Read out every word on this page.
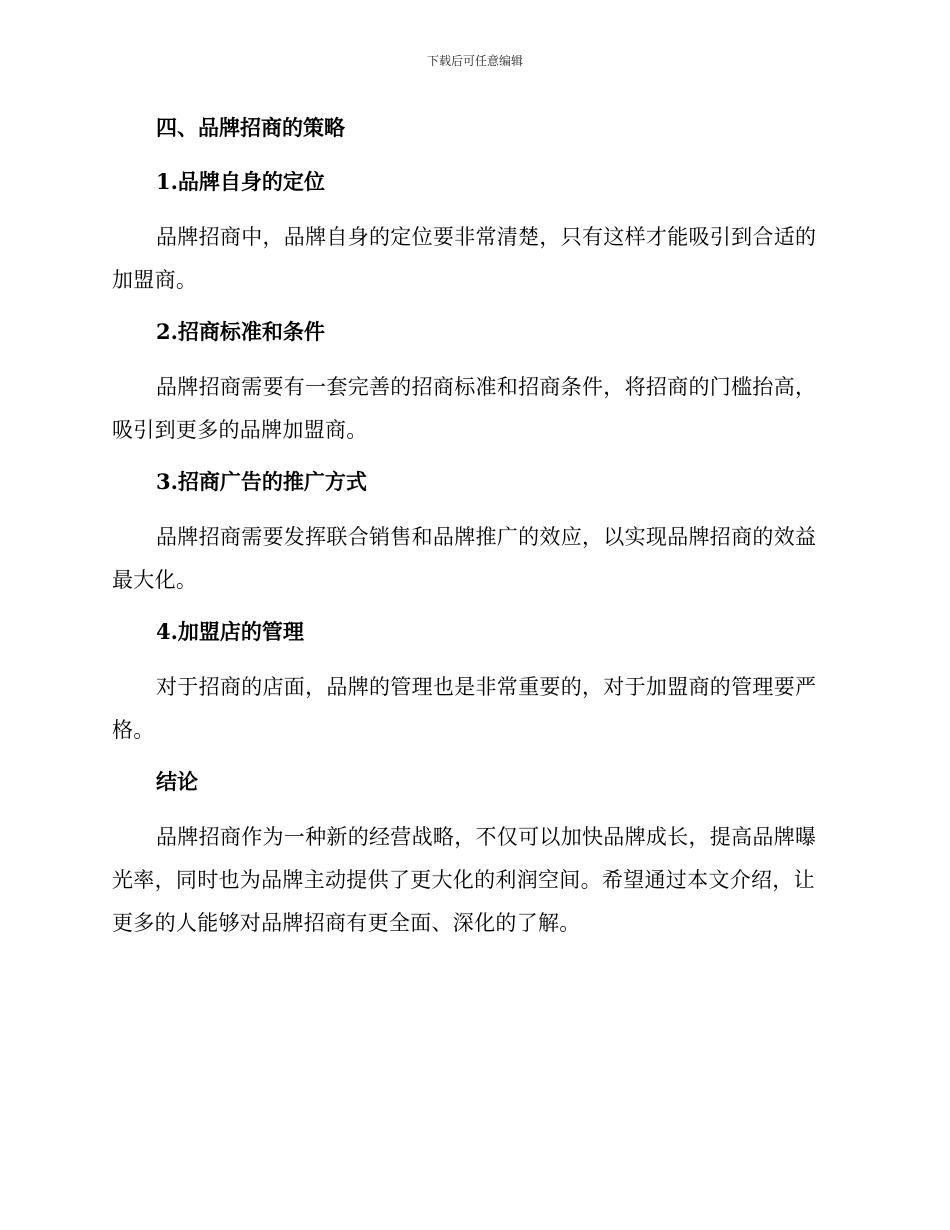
下载后可任意编辑
四、品牌招商的策略
1.品牌自身的定位
品牌招商中，品牌自身的定位要非常清楚，只有这样才能吸引到合适的
加盟商。
2.招商标准和条件
品牌招商需要有一套完善的招商标准和招商条件，将招商的门槛抬高，
吸引到更多的品牌加盟商。
3.招商广告的推广方式
品牌招商需要发挥联合销售和品牌推广的效应，以实现品牌招商的效益
最大化。
4.加盟店的管理
对于招商的店面，品牌的管理也是非常重要的，对于加盟商的管理要严
格。
结论
品牌招商作为一种新的经营战略，不仅可以加快品牌成长，提高品牌曝
光率，同时也为品牌主动提供了更大化的利润空间。希望通过本文介绍，让
更多的人能够对品牌招商有更全面、深化的了解。
